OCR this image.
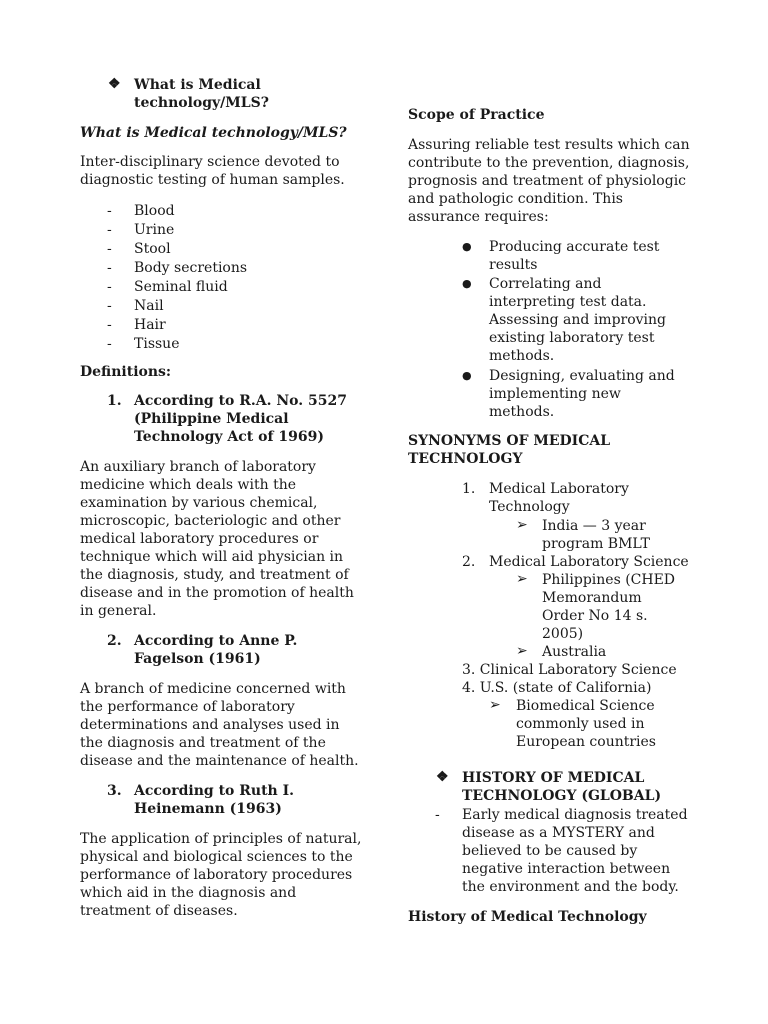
❖ What is Medical
technology/MLS?
What is Medical technology/MLS?
Inter-disciplinary science devoted to
diagnostic testing of human samples.
- Blood
- Urine
- Stool
- Body secretions
- Seminal fluid
- Nail
- Hair
- Tissue
Definitions:
1. According to R.A. No. 5527
(Philippine Medical
Technology Act of 1969)
An auxiliary branch of laboratory
medicine which deals with the
examination by various chemical,
microscopic, bacteriologic and other
medical laboratory procedures or
technique which will aid physician in
the diagnosis, study, and treatment of
disease and in the promotion of health
in general.
2. According to Anne P.
Fagelson (1961)
A branch of medicine concerned with
the performance of laboratory
determinations and analyses used in
the diagnosis and treatment of the
disease and the maintenance of health.
3. According to Ruth I.
Heinemann (1963)
The application of principles of natural,
physical and biological sciences to the
performance of laboratory procedures
which aid in the diagnosis and
treatment of diseases.
Scope of Practice
Assuring reliable test results which can
contribute to the prevention, diagnosis,
prognosis and treatment of physiologic
and pathologic condition. This
assurance requires:
● Producing accurate test
results
● Correlating and
interpreting test data.
Assessing and improving
existing laboratory test
methods.
● Designing, evaluating and
implementing new
methods.
SYNONYMS OF MEDICAL
TECHNOLOGY
1. Medical Laboratory
Technology
➢ India — 3 year
program BMLT
2. Medical Laboratory Science
➢ Philippines (CHED
Memorandum
Order No 14 s.
2005)
➢ Australia
3. Clinical Laboratory Science
4. U.S. (state of California)
➢ Biomedical Science
commonly used in
European countries
❖ HISTORY OF MEDICAL
TECHNOLOGY (GLOBAL)
- Early medical diagnosis treated
disease as a MYSTERY and
believed to be caused by
negative interaction between
the environment and the body.
History of Medical Technology
